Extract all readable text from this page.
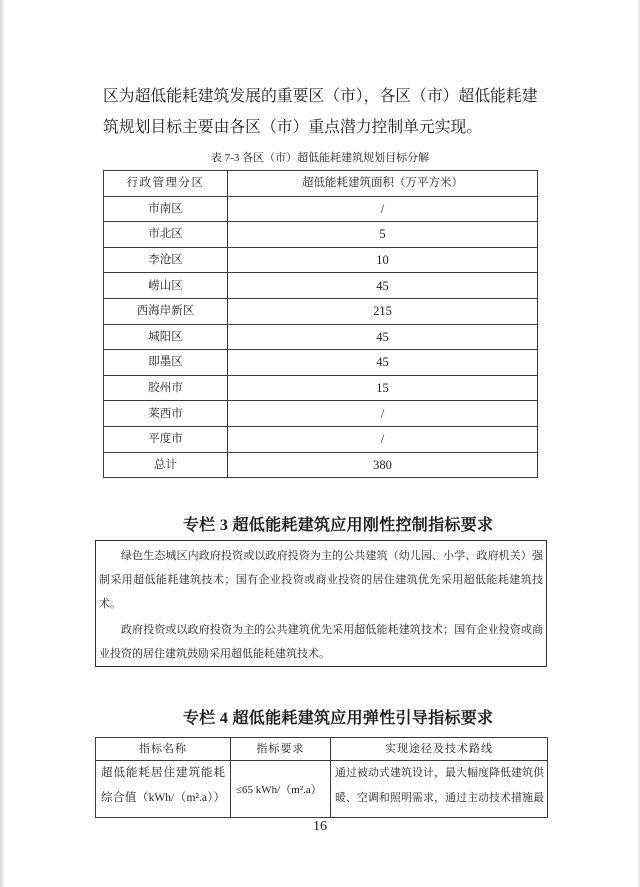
区为超低能耗建筑发展的重要区（市），各区（市）超低能耗建
筑规划目标主要由各区（市）重点潜力控制单元实现。
表 7-3 各区（市）超低能耗建筑规划目标分解
行政管理分区	超低能耗建筑面积（万平方米）
市南区	/
市北区	5
李沧区	10
崂山区	45
西海岸新区	215
城阳区	45
即墨区	45
胶州市	15
莱西市	/
平度市	/
总计	380
专栏 3 超低能耗建筑应用刚性控制指标要求
绿色生态城区内政府投资或以政府投资为主的公共建筑（幼儿园、小学、政府机关）强
制采用超低能耗建筑技术；国有企业投资或商业投资的居住建筑优先采用超低能耗建筑技
术。
政府投资或以政府投资为主的公共建筑优先采用超低能耗建筑技术；国有企业投资或商
业投资的居住建筑鼓励采用超低能耗建筑技术。
专栏 4 超低能耗建筑应用弹性引导指标要求
指标名称	指标要求	实现途径及技术路线

超低能耗居住建筑能耗
综合值（kWh/（m².a））	≤65 kWh/（m².a）	通过被动式建筑设计，最大幅度降低建筑供
暖、空调和照明需求，通过主动技术措施最
16
